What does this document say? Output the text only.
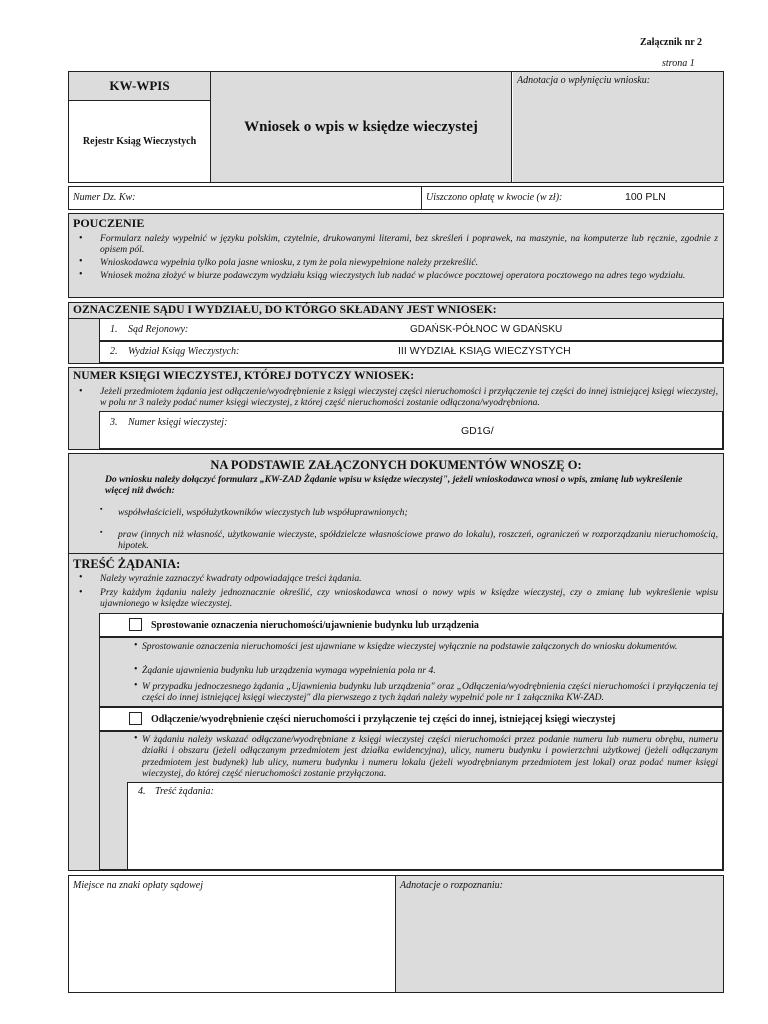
Załącznik nr 2
strona 1
KW-WPIS
Rejestr Ksiąg Wieczystych
Wniosek o wpis w księdze wieczystej
Adnotacja o wpłynięciu wniosku:
Numer Dz. Kw:	Uiszczono opłatę w kwocie (w zł):	100 PLN
POUCZENIE
• Formularz należy wypełnić w języku polskim, czytelnie, drukowanymi literami, bez skreśleń i poprawek, na maszynie, na komputerze lub ręcznie, zgodnie z opisem pól.
• Wnioskodawca wypełnia tylko pola jasne wniosku, z tym że pola niewypełnione należy przekreślić.
• Wniosek można złożyć w biurze podawczym wydziału ksiąg wieczystych lub nadać w placówce pocztowej operatora pocztowego na adres tego wydziału.
OZNACZENIE SĄDU I WYDZIAŁU, DO KTÓRGO SKŁADANY JEST WNIOSEK:
1. Sąd Rejonowy:	GDAŃSK-PÓŁNOC W GDAŃSKU
2. Wydział Ksiąg Wieczystych:	III WYDZIAŁ KSIĄG WIECZYSTYCH
NUMER KSIĘGI WIECZYSTEJ, KTÓREJ DOTYCZY WNIOSEK:
• Jeżeli przedmiotem żądania jest odłączenie/wyodrębnienie z księgi wieczystej części nieruchomości i przyłączenie tej części do innej istniejącej księgi wieczystej, w polu nr 3 należy podać numer księgi wieczystej, z której część nieruchomości zostanie odłączona/wyodrębniona.
3. Numer księgi wieczystej:
GD1G/
NA PODSTAWIE ZAŁĄCZONYCH DOKUMENTÓW WNOSZĘ O:
Do wniosku należy dołączyć formularz „KW-ZAD Żądanie wpisu w księdze wieczystej", jeżeli wnioskodawca wnosi o wpis, zmianę lub wykreślenie więcej niż dwóch:
▪ współwłaścicieli, współużytkowników wieczystych lub współuprawnionych;
▪ praw (innych niż własność, użytkowanie wieczyste, spółdzielcze własnościowe prawo do lokalu), roszczeń, ograniczeń w rozporządzaniu nieruchomością, hipotek.
TREŚĆ ŻĄDANIA:
• Należy wyraźnie zaznaczyć kwadraty odpowiadające treści żądania.
• Przy każdym żądaniu należy jednoznacznie określić, czy wnioskodawca wnosi o nowy wpis w księdze wieczystej, czy o zmianę lub wykreślenie wpisu ujawnionego w księdze wieczystej.
Sprostowanie oznaczenia nieruchomości/ujawnienie budynku lub urządzenia
• Sprostowanie oznaczenia nieruchomości jest ujawniane w księdze wieczystej wyłącznie na podstawie załączonych do wniosku dokumentów.
• Żądanie ujawnienia budynku lub urządzenia wymaga wypełnienia pola nr 4.
• W przypadku jednoczesnego żądania „Ujawnienia budynku lub urządzenia" oraz „Odłączenia/wyodrębnienia części nieruchomości i przyłączenia tej części do innej istniejącej księgi wieczystej" dla pierwszego z tych żądań należy wypełnić pole nr 1 załącznika KW-ZAD.
Odłączenie/wyodrębnienie części nieruchomości i przyłączenie tej części do innej, istniejącej księgi wieczystej
• W żądaniu należy wskazać odłączane/wyodrębniane z księgi wieczystej części nieruchomości przez podanie numeru lub numeru obrębu, numeru działki i obszaru (jeżeli odłączanym przedmiotem jest działka ewidencyjna), ulicy, numeru budynku i powierzchni użytkowej (jeżeli odłączanym przedmiotem jest budynek) lub ulicy, numeru budynku i numeru lokalu (jeżeli wyodrębnianym przedmiotem jest lokal) oraz podać numer księgi wieczystej, do której część nieruchomości zostanie przyłączona.
4. Treść żądania:
Miejsce na znaki opłaty sądowej	Adnotacje o rozpoznaniu:
